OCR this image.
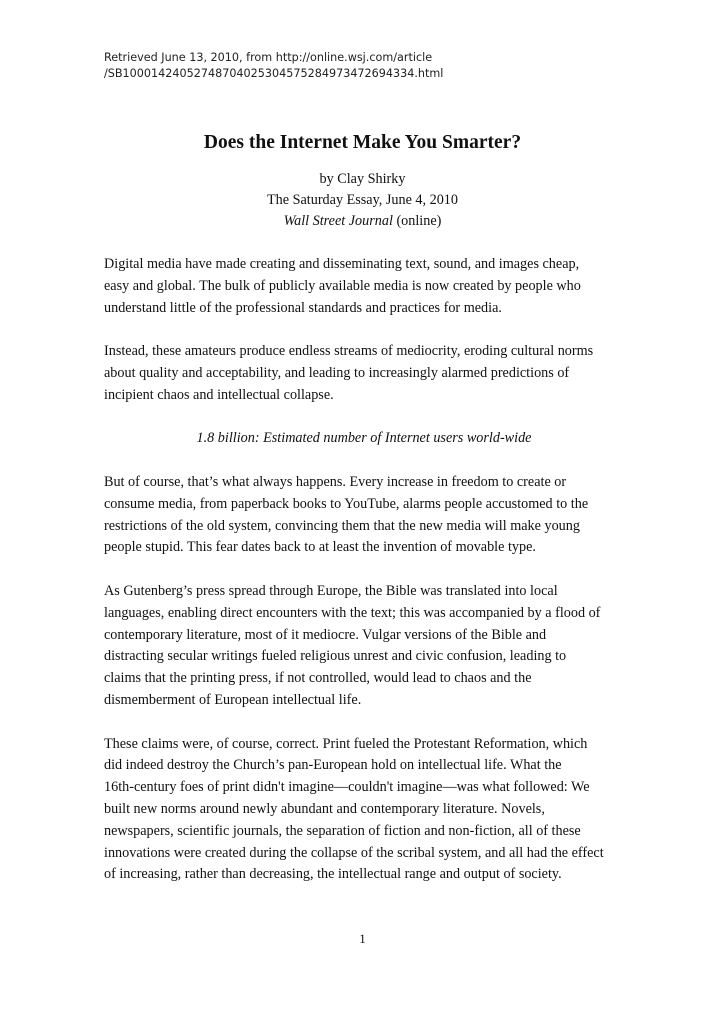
Retrieved June 13, 2010, from http://online.wsj.com/article
/SB10001424052748704025304575284973472694334.html
Does the Internet Make You Smarter?
by Clay Shirky
The Saturday Essay, June 4, 2010
Wall Street Journal (online)

Digital media have made creating and disseminating text, sound, and images cheap,
easy and global. The bulk of publicly available media is now created by people who
understand little of the professional standards and practices for media.

Instead, these amateurs produce endless streams of mediocrity, eroding cultural norms
about quality and acceptability, and leading to increasingly alarmed predictions of
incipient chaos and intellectual collapse.

1.8 billion: Estimated number of Internet users world-wide

But of course, that’s what always happens. Every increase in freedom to create or
consume media, from paperback books to YouTube, alarms people accustomed to the
restrictions of the old system, convincing them that the new media will make young
people stupid. This fear dates back to at least the invention of movable type.

As Gutenberg’s press spread through Europe, the Bible was translated into local
languages, enabling direct encounters with the text; this was accompanied by a flood of
contemporary literature, most of it mediocre. Vulgar versions of the Bible and
distracting secular writings fueled religious unrest and civic confusion, leading to
claims that the printing press, if not controlled, would lead to chaos and the
dismemberment of European intellectual life.

These claims were, of course, correct. Print fueled the Protestant Reformation, which
did indeed destroy the Church’s pan-European hold on intellectual life. What the
16th-century foes of print didn't imagine—couldn't imagine—was what followed: We
built new norms around newly abundant and contemporary literature. Novels,
newspapers, scientific journals, the separation of fiction and non-fiction, all of these
innovations were created during the collapse of the scribal system, and all had the effect
of increasing, rather than decreasing, the intellectual range and output of society.

1
